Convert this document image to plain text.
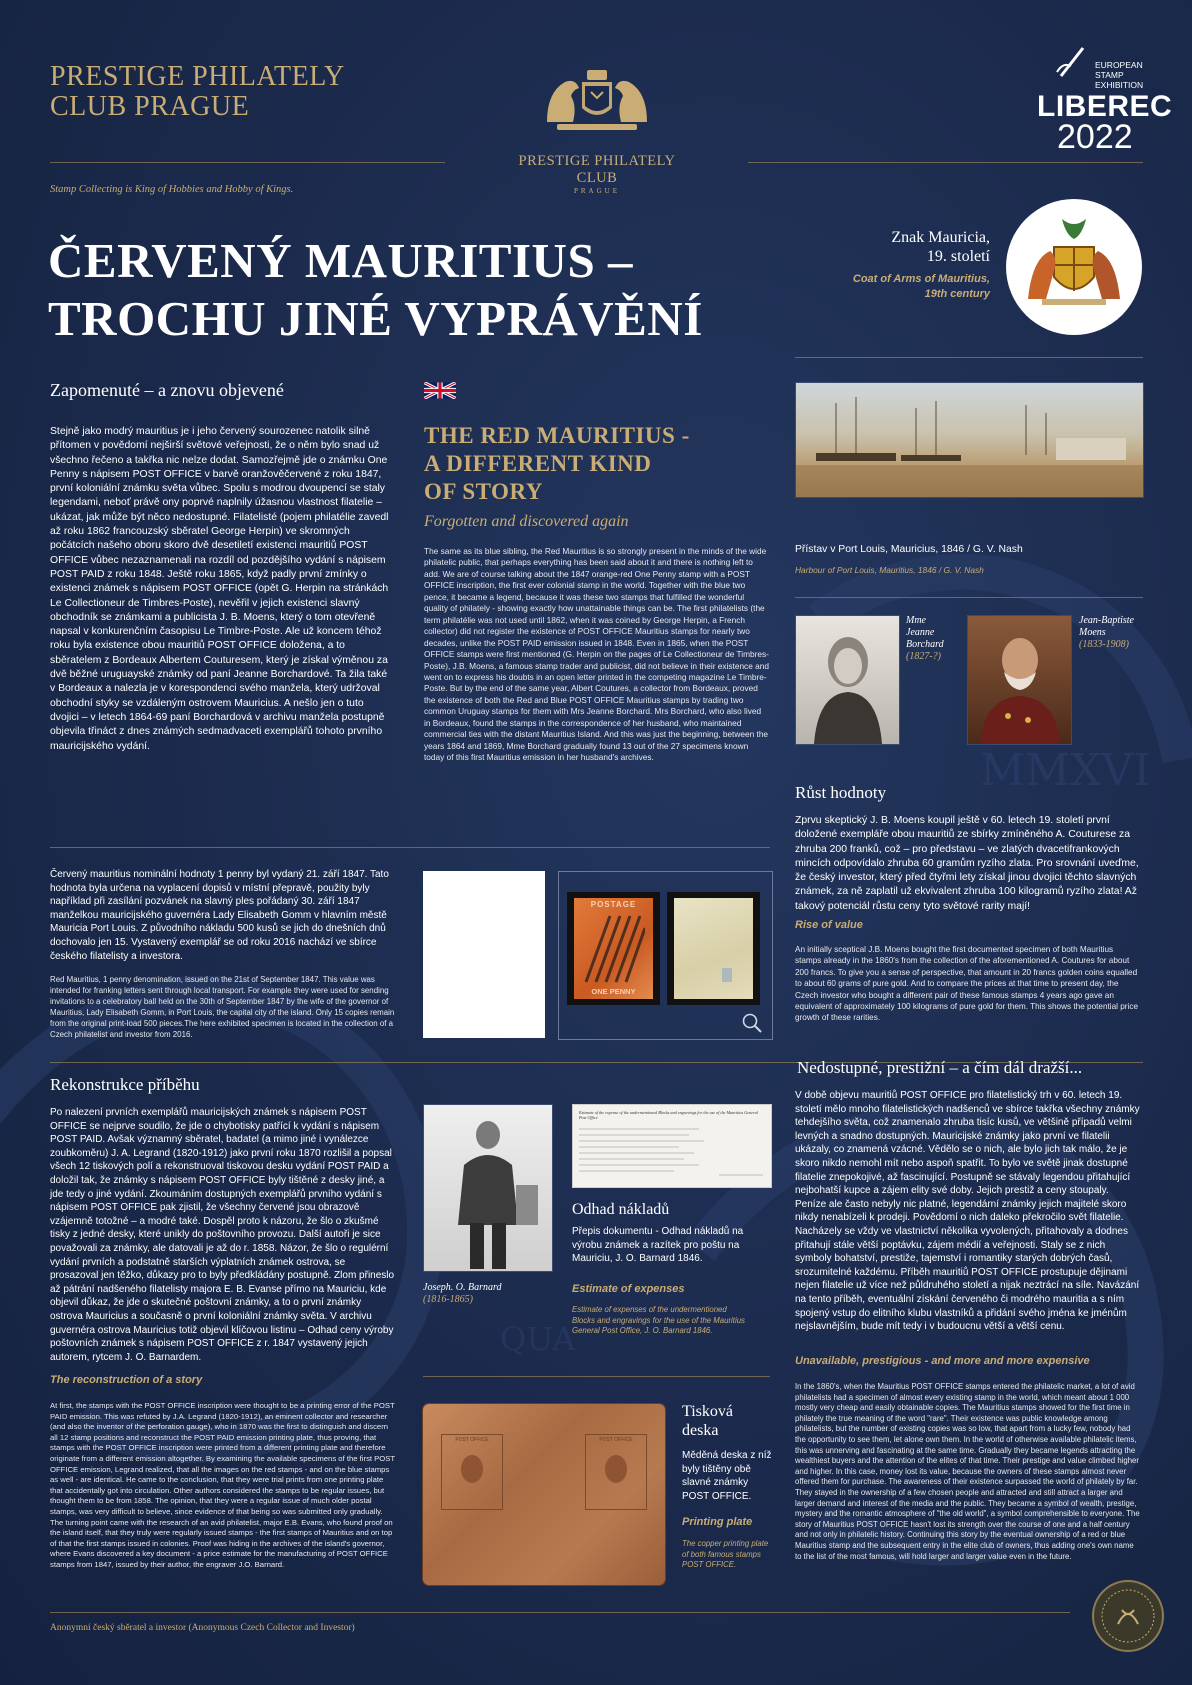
MMXVI
QUA
PRESTIGE PHILATELY
CLUB PRAGUE
Stamp Collecting is King of Hobbies and Hobby of Kings.
PRESTIGE PHILATELY CLUB
PRAGUE
EUROPEAN
STAMP
EXHIBITION
LIBEREC
2022
ČERVENÝ MAURITIUS –
TROCHU JINÉ VYPRÁVĚNÍ
Znak Mauricia,
19. století
Coat of Arms of Mauritius,
19th century
Zapomenuté – a znovu objevené

Stejně jako modrý mauritius je i jeho červený sourozenec natolik silně přítomen v povědomí nejširší světové veřejnosti, že o něm bylo snad už všechno řečeno a takřka nic nelze dodat. Samozřejmě jde o známku One Penny s nápisem POST OFFICE v barvě oranžověčervené z roku 1847, první koloniální známku světa vůbec. Spolu s modrou dvoupencí se staly legendami, neboť právě ony poprvé naplnily úžasnou vlastnost filatelie – ukázat, jak může být něco nedostupné. Filatelisté (pojem philatélie zavedl až roku 1862 francouzský sběratel George Herpin) ve skromných počátcích našeho oboru skoro dvě desetiletí existenci mauritiů POST OFFICE vůbec nezaznamenali na rozdíl od pozdějšího vydání s nápisem POST PAID z roku 1848. Ještě roku 1865, když padly první zmínky o existenci známek s nápisem POST OFFICE (opět G. Herpin na stránkách Le Collectioneur de Timbres-Poste), nevěřil v jejich existenci slavný obchodník se známkami a publicista J. B. Moens, který o tom otevřeně napsal v konkurenčním časopisu Le Timbre-Poste. Ale už koncem téhož roku byla existence obou mauritiů POST OFFICE doložena, a to sběratelem z Bordeaux Albertem Couturesem, který je získal výměnou za dvě běžné uruguayské známky od paní Jeanne Borchardové. Ta žila také v Bordeaux a nalezla je v korespondenci svého manžela, který udržoval obchodní styky se vzdáleným ostrovem Mauricius. A nešlo jen o tuto dvojici – v letech 1864-69 paní Borchardová v archivu manžela postupně objevila třináct z dnes známých sedmadvaceti exemplářů tohoto prvního mauricijského vydání.

THE RED MAURITIUS -
A DIFFERENT KIND
OF STORY
Forgotten and discovered again

The same as its blue sibling, the Red Mauritius is so strongly present in the minds of the wide philatelic public, that perhaps everything has been said about it and there is nothing left to add. We are of course talking about the 1847 orange-red One Penny stamp with a POST OFFICE inscription, the first ever colonial stamp in the world. Together with the blue two pence, it became a legend, because it was these two stamps that fulfilled the wonderful quality of philately - showing exactly how unattainable things can be. The first philatelists (the term philatélie was not used until 1862, when it was coined by George Herpin, a French collector) did not register the existence of POST OFFICE Mauritius stamps for nearly two decades, unlike the POST PAID emission issued in 1848. Even in 1865, when the POST OFFICE stamps were first mentioned (G. Herpin on the pages of Le Collectioneur de Timbres-Poste), J.B. Moens, a famous stamp trader and publicist, did not believe in their existence and went on to express his doubts in an open letter printed in the competing magazine Le Timbre-Poste. But by the end of the same year, Albert Coutures, a collector from Bordeaux, proved the existence of both the Red and Blue POST OFFICE Mauritius stamps by trading two common Uruguay stamps for them with Mrs Jeanne Borchard. Mrs Borchard, who also lived in Bordeaux, found the stamps in the correspondence of her husband, who maintained commercial ties with the distant Mauritius Island. And this was just the beginning, between the years 1864 and 1869, Mme Borchard gradually found 13 out of the 27 specimens known today of this first Mauritius emission in her husband's archives.

Přístav v Port Louis, Mauricius, 1846 / G. V. Nash
Harbour of Port Louis, Mauritius, 1846 / G. V. Nash
Mme
Jeanne
Borchard
(1827-?)
Jean-Baptiste
Moens
(1833-1908)
Růst hodnoty

Zprvu skeptický J. B. Moens koupil ještě v 60. letech 19. století první doložené exempláře obou mauritiů ze sbírky zmíněného A. Couturese za zhruba 200 franků, což – pro představu – ve zlatých dvacetifrankových mincích odpovídalo zhruba 60 gramům ryzího zlata. Pro srovnání uveďme, že český investor, který před čtyřmi lety získal jinou dvojici těchto slavných známek, za ně zaplatil už ekvivalent zhruba 100 kilogramů ryzího zlata! Až takový potenciál růstu ceny tyto světové rarity mají!

Rise of value

An initially sceptical J.B. Moens bought the first documented specimen of both Mauritius stamps already in the 1860's from the collection of the aforementioned A. Coutures for about 200 francs. To give you a sense of perspective, that amount in 20 francs golden coins equalled to about 60 grams of pure gold. And to compare the prices at that time to present day, the Czech investor who bought a different pair of these famous stamps 4 years ago gave an equivalent of approximately 100 kilograms of pure gold for them. This shows the potential price growth of these rarities.

Červený mauritius nominální hodnoty 1 penny byl vydaný 21. září 1847. Tato hodnota byla určena na vyplacení dopisů v místní přepravě, použity byly například při zasílání pozvánek na slavný ples pořádaný 30. září 1847 manželkou mauricijského guvernéra Lady Elisabeth Gomm v hlavním městě Mauricia Port Louis. Z původního nákladu 500 kusů se jich do dnešních dnů dochovalo jen 15. Vystavený exemplář se od roku 2016 nachází ve sbírce českého filatelisty a investora.

Red Mauritius, 1 penny denomination, issued on the 21st of September 1847. This value was intended for franking letters sent through local transport. For example they were used for sending invitations to a celebratory ball held on the 30th of September 1847 by the wife of the governor of Mauritius, Lady Elisabeth Gomm, in Port Louis, the capital city of the island. Only 15 copies remain from the original print-load 500 pieces.The here exhibited specimen is located in the collection of a Czech philatelist and investor from 2016.

POSTAGE
ONE PENNY
Rekonstrukce příběhu

Po nalezení prvních exemplářů mauricijských známek s nápisem POST OFFICE se nejprve soudilo, že jde o chybotisky patřící k vydání s nápisem POST PAID. Avšak významný sběratel, badatel (a mimo jiné i vynálezce zoubkoměru) J. A. Legrand (1820-1912) jako první roku 1870 rozlišil a popsal všech 12 tiskových polí a rekonstruoval tiskovou desku vydání POST PAID a doložil tak, že známky s nápisem POST OFFICE byly tištěné z desky jiné, a jde tedy o jiné vydání. Zkoumáním dostupných exemplářů prvního vydání s nápisem POST OFFICE pak zjistil, že všechny červené jsou obrazově vzájemně totožné – a modré také. Dospěl proto k názoru, že šlo o zkušmé tisky z jedné desky, které unikly do poštovního provozu. Další autoři je sice považovali za známky, ale datovali je až do r. 1858. Názor, že šlo o regulérní vydání prvních a podstatně starších výplatních známek ostrova, se prosazoval jen těžko, důkazy pro to byly předkládány postupně. Zlom přineslo až pátrání nadšeného filatelisty majora E. B. Evanse přímo na Mauriciu, kde objevil důkaz, že jde o skutečné poštovní známky, a to o první známky ostrova Mauricius a současně o první koloniální známky světa. V archivu guvernéra ostrova Mauricius totiž objevil klíčovou listinu – Odhad ceny výroby poštovních známek s nápisem POST OFFICE z r. 1847 vystavený jejich autorem, rytcem J. O. Barnardem.

The reconstruction of a story

At first, the stamps with the POST OFFICE inscription were thought to be a printing error of the POST PAID emission. This was refuted by J.A. Legrand (1820-1912), an eminent collector and researcher (and also the inventor of the perforation gauge), who in 1870 was the first to distinguish and discern all 12 stamp positions and reconstruct the POST PAID emission printing plate, thus proving, that stamps with the POST OFFICE inscription were printed from a different printing plate and therefore originate from a different emission altogether. By examining the available specimens of the first POST OFFICE emission, Legrand realized, that all the images on the red stamps - and on the blue stamps as well - are identical. He came to the conclusion, that they were trial prints from one printing plate that accidentally got into circulation. Other authors considered the stamps to be regular issues, but thought them to be from 1858. The opinion, that they were a regular issue of much older postal stamps, was very difficult to believe, since evidence of that being so was submitted only gradually. The turning point came with the research of an avid philatelist, major E.B. Evans, who found proof on the island itself, that they truly were regularly issued stamps - the first stamps of Mauritius and on top of that the first stamps issued in colonies. Proof was hiding in the archives of the island's governor, where Evans discovered a key document - a price estimate for the manufacturing of POST OFFICE stamps from 1847, issued by their author, the engraver J.O. Barnard.

Joseph. O. Barnard
(1816-1865)
Estimate of the expense of the undermentioned Blocks and engravings for the use of the Mauritius General Post Office
Odhad nákladů

Přepis dokumentu - Odhad nákladů na výrobu známek a razítek pro poštu na Mauriciu, J. O. Barnard 1846.

Estimate of expenses

Estimate of expenses of the undermentioned Blocks and engravings for the use of the Mauritius General Post Office, J. O. Barnard 1846.

POST OFFICE	POST OFFICE
Tisková
deska

Měděná deska z níž byly tištěny obě slavné známky POST OFFICE.

Printing plate

The copper printing plate of both famous stamps POST OFFICE.

Nedostupné, prestižní – a čím dál dražší...

V době objevu mauritiů POST OFFICE pro filatelistický trh v 60. letech 19. století mělo mnoho filatelistických nadšenců ve sbírce takřka všechny známky tehdejšího světa, což znamenalo zhruba tisíc kusů, ve většině případů velmi levných a snadno dostupných. Mauricijské známky jako první ve filatelii ukázaly, co znamená vzácné. Vědělo se o nich, ale bylo jich tak málo, že je skoro nikdo nemohl mít nebo aspoň spatřit. To bylo ve světě jinak dostupné filatelie znepokojivé, až fascinující. Postupně se stávaly legendou přitahující nejbohatší kupce a zájem elity své doby. Jejich prestiž a ceny stoupaly. Peníze ale často nebyly nic platné, legendární známky jejich majitelé skoro nikdy nenabízeli k prodeji. Povědomí o nich daleko překročilo svět filatelie. Nacházely se vždy ve vlastnictví několika vyvolených, přitahovaly a dodnes přitahují stále větší poptávku, zájem médií a veřejnosti. Staly se z nich symboly bohatství, prestiže, tajemství i romantiky starých dobrých časů, srozumitelné každému. Příběh mauritiů POST OFFICE prostupuje dějinami nejen filatelie už více než půldruhého století a nijak neztrácí na síle. Navázání na tento příběh, eventuální získání červeného či modrého mauritia a s ním spojený vstup do elitního klubu vlastníků a přidání svého jména ke jménům nejslavnějším, bude mít tedy i v budoucnu větší a větší cenu.

Unavailable, prestigious - and more and more expensive

In the 1860's, when the Mauritius POST OFFICE stamps entered the philatelic market, a lot of avid philatelists had a specimen of almost every existing stamp in the world, which meant about 1 000 mostly very cheap and easily obtainable copies. The Mauritius stamps showed for the first time in philately the true meaning of the word "rare". Their existence was public knowledge among philatelists, but the number of existing copies was so low, that apart from a lucky few, nobody had the opportunity to see them, let alone own them. In the world of otherwise available philatelic items, this was unnerving and fascinating at the same time. Gradually they became legends attracting the wealthiest buyers and the attention of the elites of that time. Their prestige and value climbed higher and higher. In this case, money lost its value, because the owners of these stamps almost never offered them for purchase. The awareness of their existence surpassed the world of philately by far. They stayed in the ownership of a few chosen people and attracted and still attract a larger and larger demand and interest of the media and the public. They became a symbol of wealth, prestige, mystery and the romantic atmosphere of "the old world", a symbol comprehensible to everyone. The story of Mauritius POST OFFICE hasn't lost its strength over the course of one and a half century and not only in philatelic history. Continuing this story by the eventual ownership of a red or blue Mauritius stamp and the subsequent entry in the elite club of owners, thus adding one's own name to the list of the most famous, will hold larger and larger value even in the future.

Anonymní český sběratel a investor (Anonymous Czech Collector and Investor)
